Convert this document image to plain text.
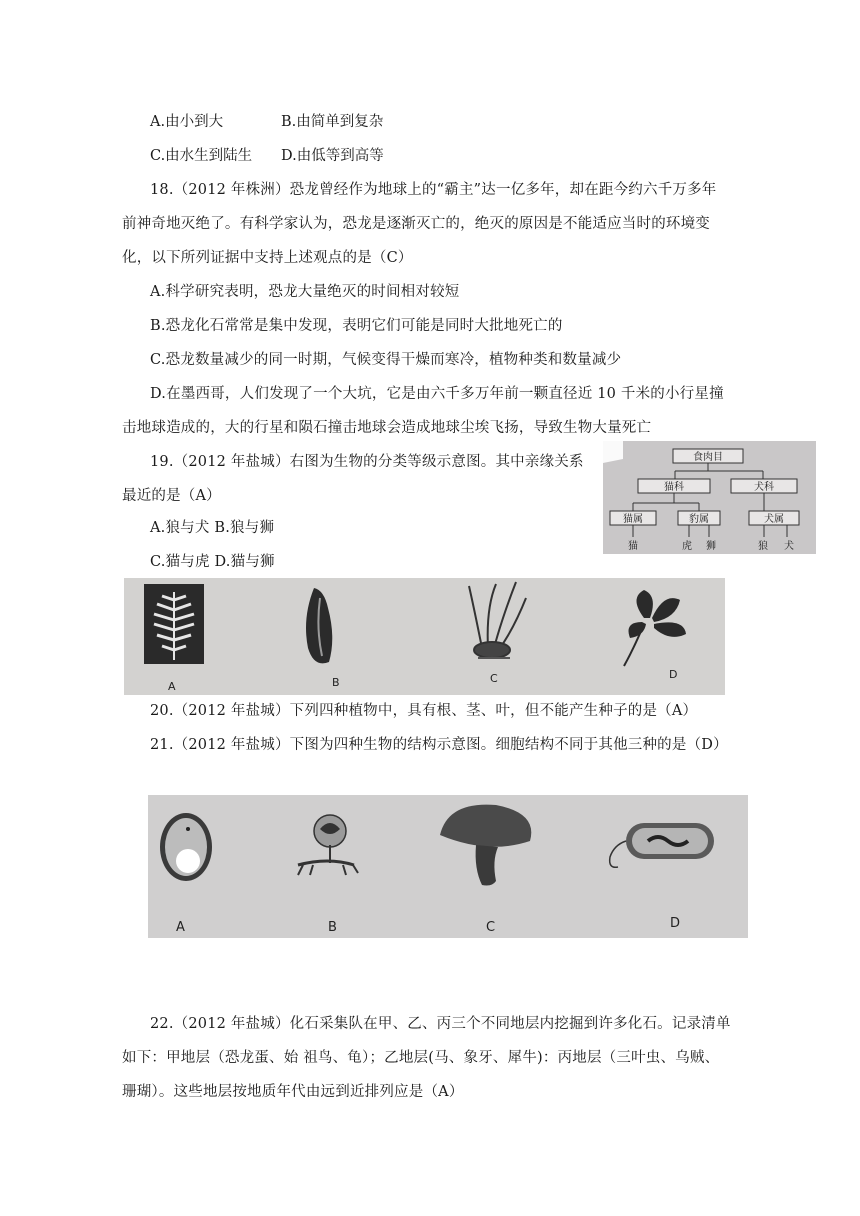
A.由小到大	B.由简单到复杂
C.由水生到陆生 D.由低等到高等
18.（2012 年株洲）恐龙曾经作为地球上的“霸主”达一亿多年，却在距今约六千万多年
前神奇地灭绝了。有科学家认为，恐龙是逐渐灭亡的，绝灭的原因是不能适应当时的环境变
化，以下所列证据中支持上述观点的是（C）
A.科学研究表明，恐龙大量绝灭的时间相对较短
B.恐龙化石常常是集中发现，表明它们可能是同时大批地死亡的
C.恐龙数量减少的同一时期，气候变得干燥而寒冷，植物种类和数量减少
D.在墨西哥，人们发现了一个大坑，它是由六千多万年前一颗直径近 10 千米的小行星撞
击地球造成的，大的行星和陨石撞击地球会造成地球尘埃飞扬，导致生物大量死亡
19.（2012 年盐城）右图为生物的分类等级示意图。其中亲缘关系
最近的是（A）
A.狼与犬 B.狼与狮
C.猫与虎 D.猫与狮
食肉目
猫科	犬科
猫属	豹属	犬属
猫	虎 狮	狼 犬
A	B	C	D
20.（2012 年盐城）下列四种植物中，具有根、茎、叶，但不能产生种子的是（A）
21.（2012 年盐城）下图为四种生物的结构示意图。细胞结构不同于其他三种的是（D）
A	B	C	D
22.（2012 年盐城）化石采集队在甲、乙、丙三个不同地层内挖掘到许多化石。记录清单
如下：甲地层（恐龙蛋、始 祖鸟、龟）；乙地层(马、象牙、犀牛)：丙地层（三叶虫、乌贼、
珊瑚）。这些地层按地质年代由远到近排列应是（A）
